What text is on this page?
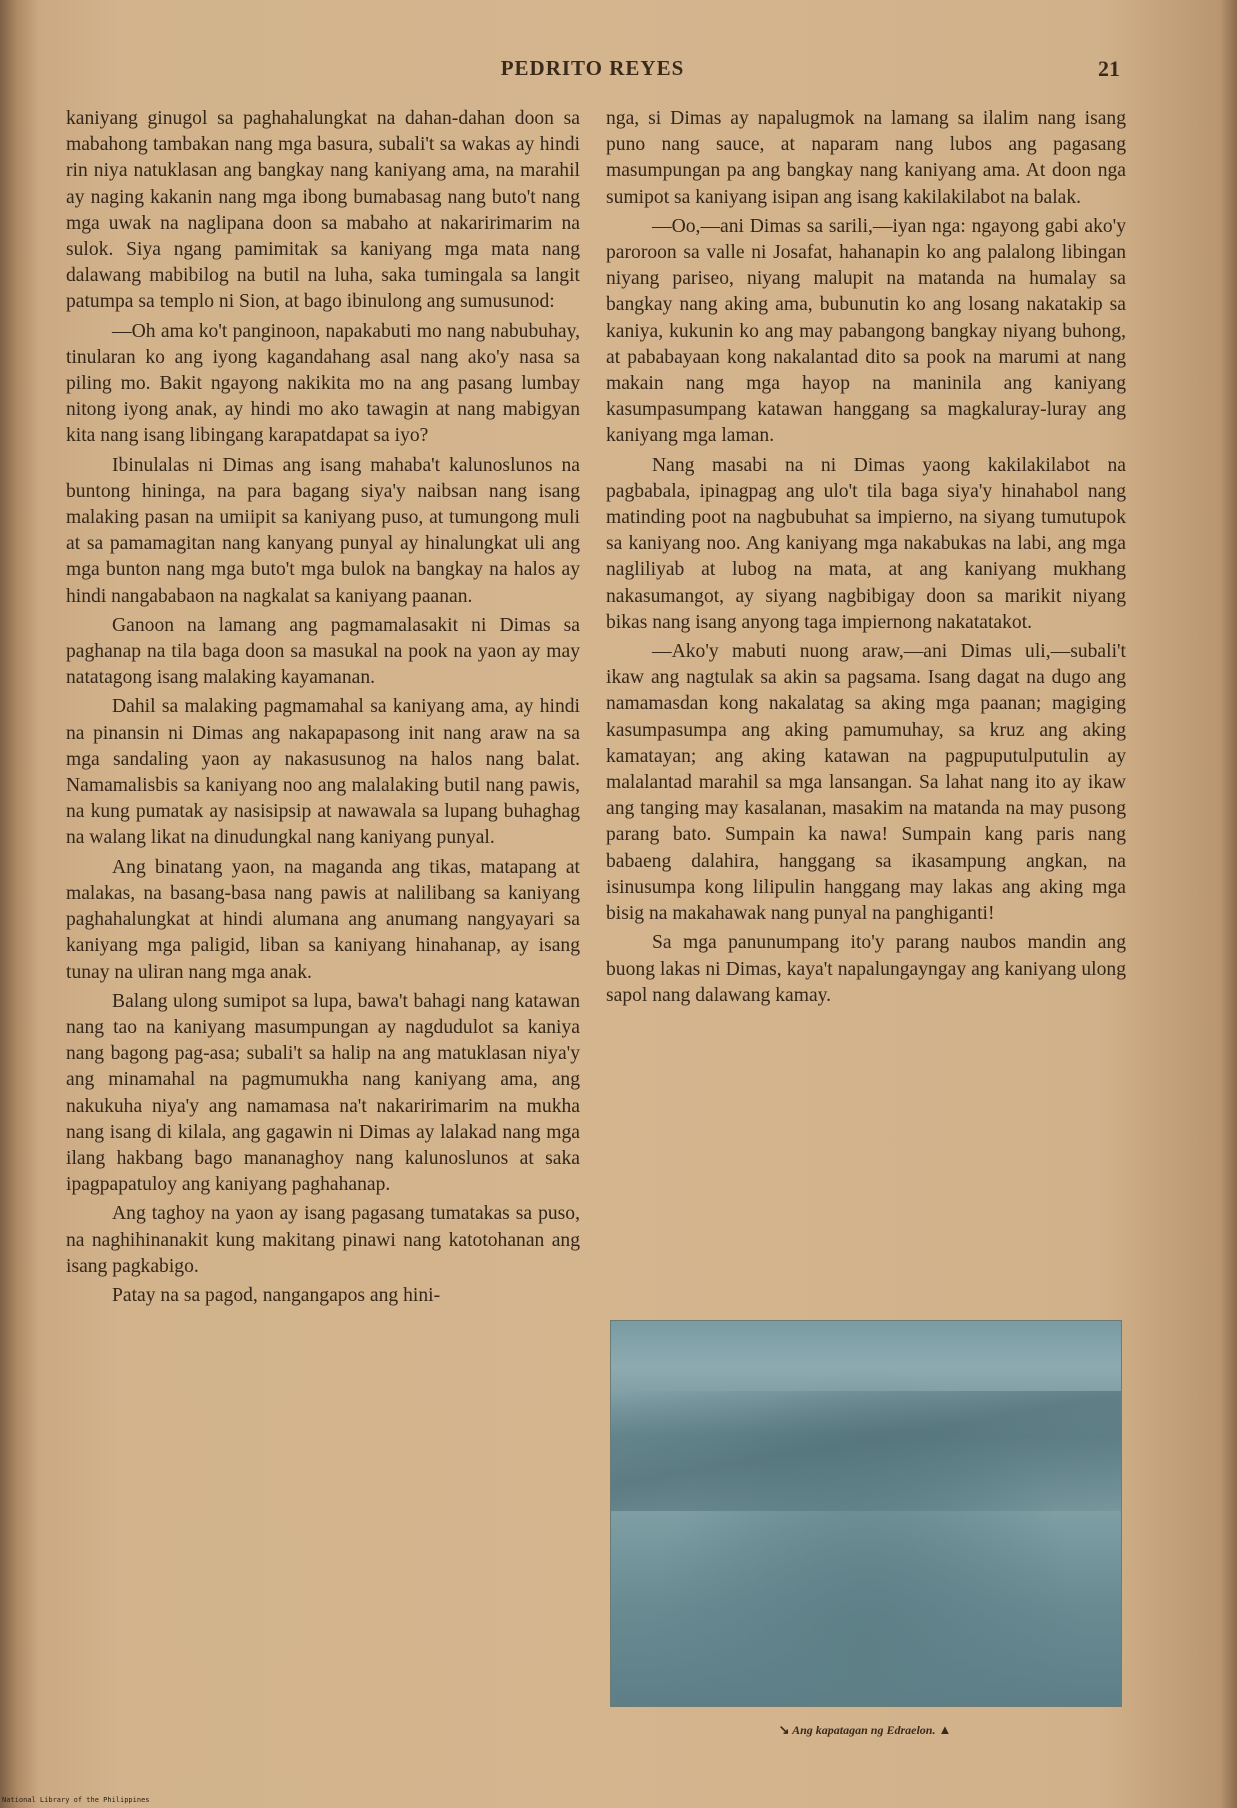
PEDRITO REYES	21

kaniyang ginugol sa paghahalungkat na dahan-dahan doon sa mabahong tambakan nang mga basura, subali't sa wakas ay hindi rin niya natuklasan ang bangkay nang kaniyang ama, na marahil ay naging kakanin nang mga ibong bumabasag nang buto't nang mga uwak na naglipana doon sa mabaho at nakaririmarim na sulok. Siya ngang pamimitak sa kaniyang mga mata nang dalawang mabibilog na butil na luha, saka tumingala sa langit patumpa sa templo ni Sion, at bago ibinulong ang sumusunod:

—Oh ama ko't panginoon, napakabuti mo nang nabubuhay, tinularan ko ang iyong kagandahang asal nang ako'y nasa sa piling mo. Bakit ngayong nakikita mo na ang pasang lumbay nitong iyong anak, ay hindi mo ako tawagin at nang mabigyan kita nang isang libingang karapatdapat sa iyo?

Ibinulalas ni Dimas ang isang mahaba't kalunoslunos na buntong hininga, na para bagang siya'y naibsan nang isang malaking pasan na umiipit sa kaniyang puso, at tumungong muli at sa pamamagitan nang kanyang punyal ay hinalungkat uli ang mga bunton nang mga buto't mga bulok na bangkay na halos ay hindi nangababaon na nagkalat sa kaniyang paanan.

Ganoon na lamang ang pagmamalasakit ni Dimas sa paghanap na tila baga doon sa masukal na pook na yaon ay may natatagong isang malaking kayamanan.

Dahil sa malaking pagmamahal sa kaniyang ama, ay hindi na pinansin ni Dimas ang nakapapasong init nang araw na sa mga sandaling yaon ay nakasusunog na halos nang balat. Namamalisbis sa kaniyang noo ang malalaking butil nang pawis, na kung pumatak ay nasisipsip at nawawala sa lupang buhaghag na walang likat na dinudungkal nang kaniyang punyal.

Ang binatang yaon, na maganda ang tikas, matapang at malakas, na basang-basa nang pawis at nalilibang sa kaniyang paghahalungkat at hindi alumana ang anumang nangyayari sa kaniyang mga paligid, liban sa kaniyang hinahanap, ay isang tunay na uliran nang mga anak.

Balang ulong sumipot sa lupa, bawa't bahagi nang katawan nang tao na kaniyang masumpungan ay nagdudulot sa kaniya nang bagong pag-asa; subali't sa halip na ang matuklasan niya'y ang minamahal na pagmumukha nang kaniyang ama, ang nakukuha niya'y ang namamasa na't nakaririmarim na mukha nang isang di kilala, ang gagawin ni Dimas ay lalakad nang mga ilang hakbang bago mananaghoy nang kalunoslunos at saka ipagpapatuloy ang kaniyang paghahanap.

Ang taghoy na yaon ay isang pagasang tumatakas sa puso, na naghihinanakit kung makitang pinawi nang katotohanan ang isang pagkabigo.

Patay na sa pagod, nangangapos ang hini-

nga, si Dimas ay napalugmok na lamang sa ilalim nang isang puno nang sauce, at naparam nang lubos ang pagasang masumpungan pa ang bangkay nang kaniyang ama. At doon nga sumipot sa kaniyang isipan ang isang kakilakilabot na balak.

—Oo,—ani Dimas sa sarili,—iyan nga: ngayong gabi ako'y paroroon sa valle ni Josafat, hahanapin ko ang palalong libingan niyang pariseo, niyang malupit na matanda na humalay sa bangkay nang aking ama, bubunutin ko ang losang nakatakip sa kaniya, kukunin ko ang may pabangong bangkay niyang buhong, at pababayaan kong nakalantad dito sa pook na marumi at nang makain nang mga hayop na maninila ang kaniyang kasumpasumpang katawan hanggang sa magkaluray-luray ang kaniyang mga laman.

Nang masabi na ni Dimas yaong kakilakilabot na pagbabala, ipinagpag ang ulo't tila baga siya'y hinahabol nang matinding poot na nagbubuhat sa impierno, na siyang tumutupok sa kaniyang noo. Ang kaniyang mga nakabukas na labi, ang mga nagliliyab at lubog na mata, at ang kaniyang mukhang nakasumangot, ay siyang nagbibigay doon sa marikit niyang bikas nang isang anyong taga impiernong nakatatakot.

—Ako'y mabuti nuong araw,—ani Dimas uli,—subali't ikaw ang nagtulak sa akin sa pagsama. Isang dagat na dugo ang namamasdan kong nakalatag sa aking mga paanan; magiging kasumpasumpa ang aking pamumuhay, sa kruz ang aking kamatayan; ang aking katawan na pagpuputulputulin ay malalantad marahil sa mga lansangan. Sa lahat nang ito ay ikaw ang tanging may kasalanan, masakim na matanda na may pusong parang bato. Sumpain ka nawa! Sumpain kang paris nang babaeng dalahira, hanggang sa ikasampung angkan, na isinusumpa kong lilipulin hanggang may lakas ang aking mga bisig na makahawak nang punyal na panghiganti!

Sa mga panunumpang ito'y parang naubos mandin ang buong lakas ni Dimas, kaya't napalungayngay ang kaniyang ulong sapol nang dalawang kamay.

↘ Ang kapatagan ng Edraelon. ▲
National Library of the Philippines
